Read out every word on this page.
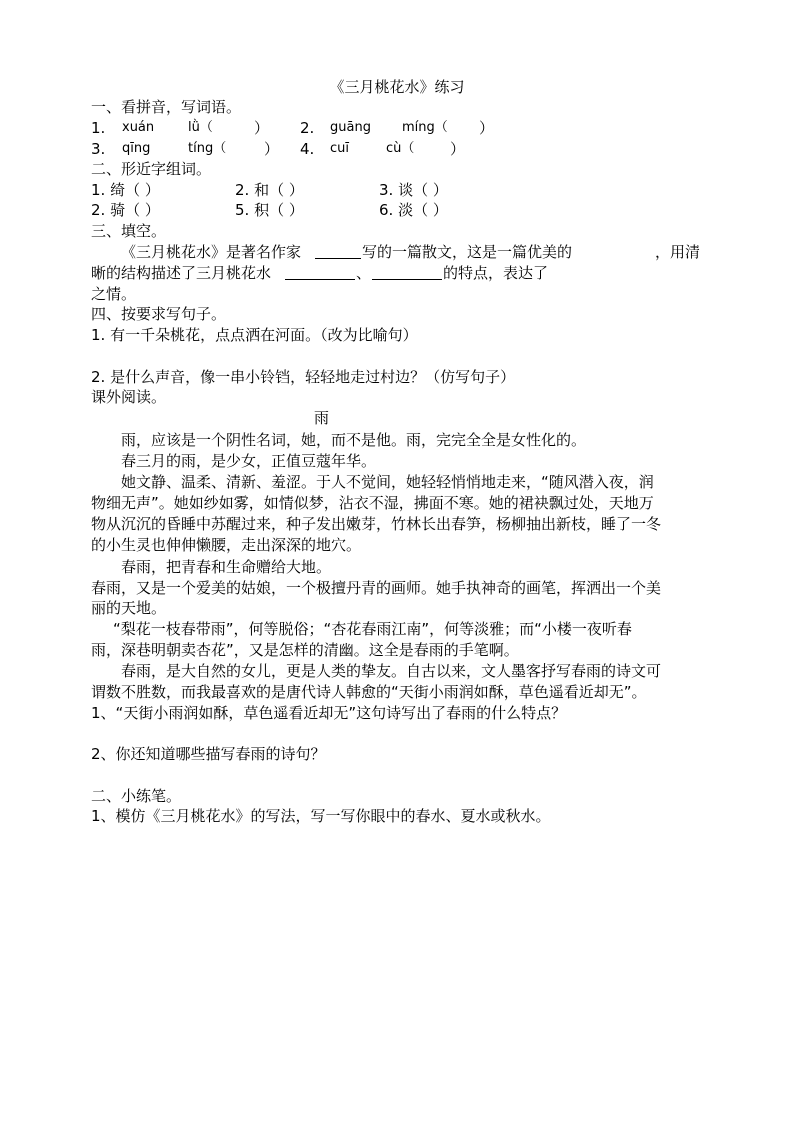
《三月桃花水》练习
一、看拼音，写词语。
1. xuán	lǜ（	） 2. guāng míng（ ）
3. qīng	tíng（	） 4. cuī	cù（ ）
二、形近字组词。
1. 绮（ ）	2. 和（ ）	3. 谈（ ）
2. 骑（ ）	5. 积（ ）	6. 淡（ ）
三、填空。
《三月桃花水》是著名作家	写的一篇散文，这是一篇优美的	，用清
晰的结构描述了三月桃花水	、	的特点，表达了
之情。
四、按要求写句子。
1. 有一千朵桃花，点点洒在河面。（改为比喻句）
2. 是什么声音，像一串小铃铛，轻轻地走过村边？（仿写句子）
课外阅读。
雨
雨，应该是一个阴性名词，她，而不是他。雨，完完全全是女性化的。
春三月的雨，是少女，正值豆蔻年华。
她文静、温柔、清新、羞涩。于人不觉间，她轻轻悄悄地走来，“随风潜入夜，润
物细无声”。她如纱如雾，如情似梦，沾衣不湿，拂面不寒。她的裙袂飘过处，天地万
物从沉沉的昏睡中苏醒过来，种子发出嫩芽，竹林长出春笋，杨柳抽出新枝，睡了一冬
的小生灵也伸伸懒腰，走出深深的地穴。
春雨，把青春和生命赠给大地。
春雨，又是一个爱美的姑娘，一个极擅丹青的画师。她手执神奇的画笔，挥洒出一个美
丽的天地。
“梨花一枝春带雨”，何等脱俗；“杏花春雨江南”，何等淡雅；而“小楼一夜听春
雨，深巷明朝卖杏花”，又是怎样的清幽。这全是春雨的手笔啊。
春雨，是大自然的女儿，更是人类的挚友。自古以来，文人墨客抒写春雨的诗文可
谓数不胜数，而我最喜欢的是唐代诗人韩愈的“天街小雨润如酥，草色遥看近却无”。
1、“天街小雨润如酥，草色遥看近却无”这句诗写出了春雨的什么特点？
2、你还知道哪些描写春雨的诗句？
二、小练笔。
1、模仿《三月桃花水》的写法，写一写你眼中的春水、夏水或秋水。
